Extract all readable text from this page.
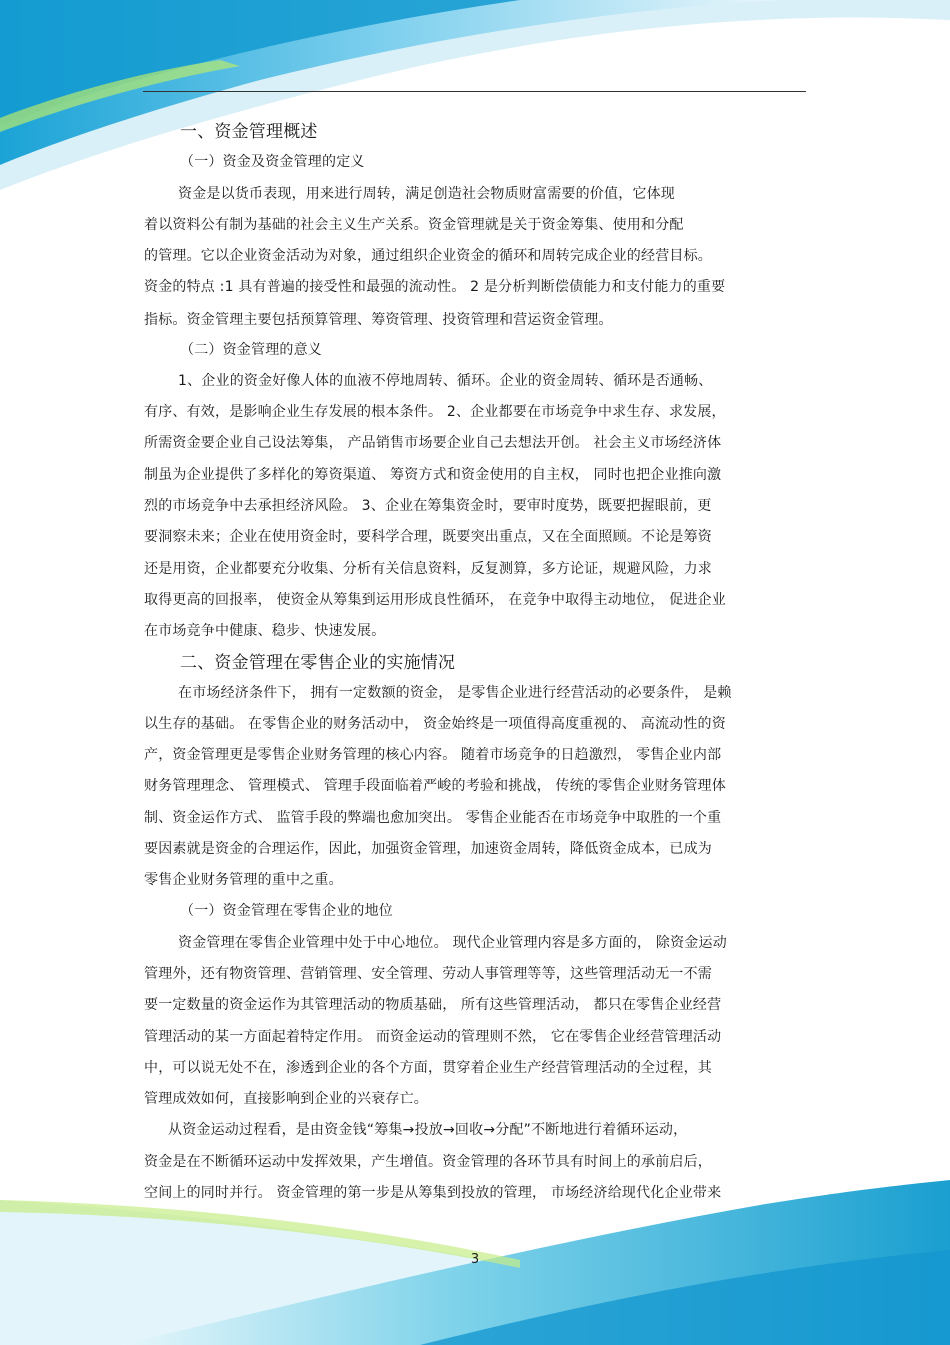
一、资金管理概述
（一）资金及资金管理的定义
资金是以货币表现，用来进行周转，满足创造社会物质财富需要的价值，它体现
着以资料公有制为基础的社会主义生产关系。资金管理就是关于资金筹集、使用和分配
的管理。它以企业资金活动为对象，通过组织企业资金的循环和周转完成企业的经营目标。
资金的特点 :1 具有普遍的接受性和最强的流动性。 2 是分析判断偿债能力和支付能力的重要
指标。资金管理主要包括预算管理、筹资管理、投资管理和营运资金管理。
（二）资金管理的意义
1、企业的资金好像人体的血液不停地周转、循环。企业的资金周转、循环是否通畅、
有序、有效，是影响企业生存发展的根本条件。 2、企业都要在市场竞争中求生存、求发展，
所需资金要企业自己设法筹集， 产品销售市场要企业自己去想法开创。 社会主义市场经济体
制虽为企业提供了多样化的筹资渠道、 筹资方式和资金使用的自主权， 同时也把企业推向激
烈的市场竞争中去承担经济风险。 3、企业在筹集资金时，要审时度势，既要把握眼前，更
要洞察未来；企业在使用资金时，要科学合理，既要突出重点，又在全面照顾。不论是筹资
还是用资，企业都要充分收集、分析有关信息资料，反复测算，多方论证，规避风险，力求
取得更高的回报率， 使资金从筹集到运用形成良性循环， 在竞争中取得主动地位， 促进企业
在市场竞争中健康、稳步、快速发展。
二、资金管理在零售企业的实施情况
在市场经济条件下， 拥有一定数额的资金， 是零售企业进行经营活动的必要条件， 是赖
以生存的基础。 在零售企业的财务活动中， 资金始终是一项值得高度重视的、 高流动性的资
产，资金管理更是零售企业财务管理的核心内容。 随着市场竞争的日趋激烈， 零售企业内部
财务管理理念、 管理模式、 管理手段面临着严峻的考验和挑战， 传统的零售企业财务管理体
制、资金运作方式、 监管手段的弊端也愈加突出。 零售企业能否在市场竞争中取胜的一个重
要因素就是资金的合理运作，因此，加强资金管理，加速资金周转，降低资金成本，已成为
零售企业财务管理的重中之重。
（一）资金管理在零售企业的地位
资金管理在零售企业管理中处于中心地位。 现代企业管理内容是多方面的， 除资金运动
管理外，还有物资管理、营销管理、安全管理、劳动人事管理等等，这些管理活动无一不需
要一定数量的资金运作为其管理活动的物质基础， 所有这些管理活动， 都只在零售企业经营
管理活动的某一方面起着特定作用。 而资金运动的管理则不然， 它在零售企业经营管理活动
中，可以说无处不在，渗透到企业的各个方面，贯穿着企业生产经营管理活动的全过程，其
管理成效如何，直接影响到企业的兴衰存亡。
从资金运动过程看，是由资金钱“筹集→投放→回收→分配”不断地进行着循环运动，
资金是在不断循环运动中发挥效果，产生增值。资金管理的各环节具有时间上的承前启后，
空间上的同时并行。 资金管理的第一步是从筹集到投放的管理， 市场经济给现代化企业带来
3
